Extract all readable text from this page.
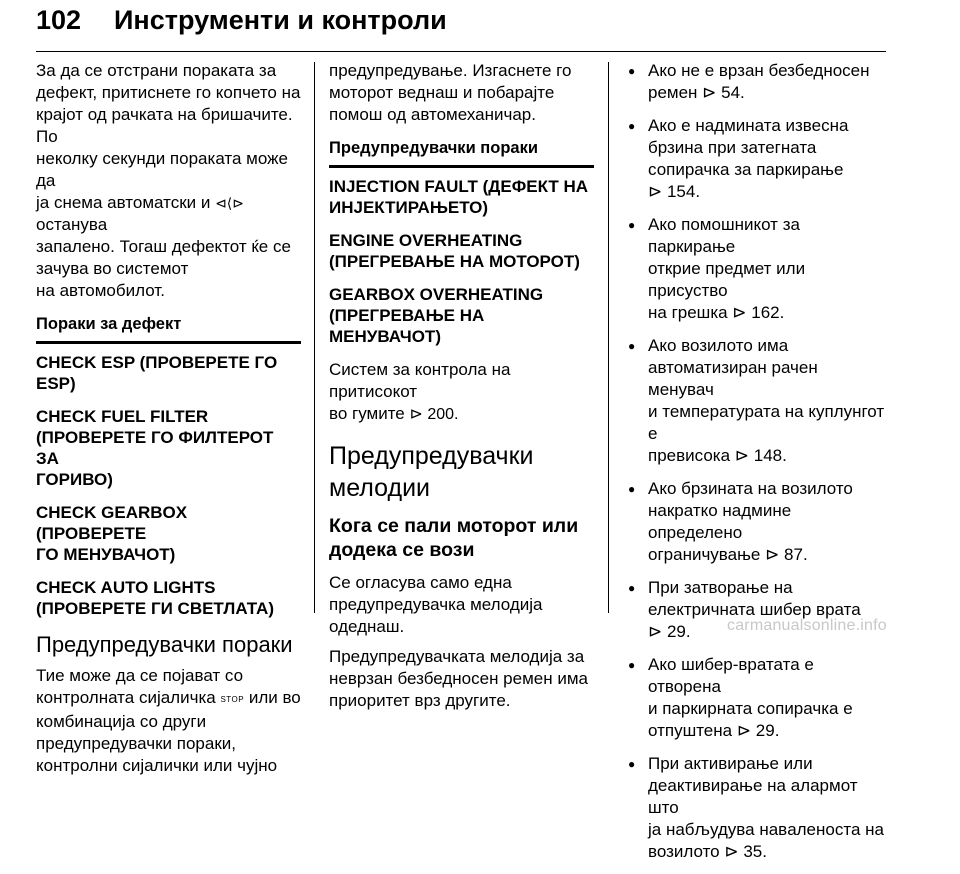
102 Инструменти и контроли

За да се отстрани пораката за
дефект, притиснете го копчето на
крајот од рачката на бришачите. По
неколку секунди пораката може да
ја снема автоматски и ⊲⟨⊳ останува
запалено. Тогаш дефектот ќе се
зачува во системот
на автомобилот.

Пораки за дефект
CHECK ESP (ПРОВЕРЕТЕ ГО
ESP)
CHECK FUEL FILTER
(ПРОВЕРЕТЕ ГО ФИЛТЕРОТ ЗА
ГОРИВО)
CHECK GEARBOX (ПРОВЕРЕТЕ
ГО МЕНУВАЧОТ)
CHECK AUTO LIGHTS
(ПРОВЕРЕТЕ ГИ СВЕТЛАТА)
Предупредувачки пораки

Тие може да се појават со
контролната сијаличка STOP или во
комбинација со други
предупредувачки пораки,
контролни сијалички или чујно

предупредување. Изгаснете го
моторот веднаш и побарајте
помош од автомеханичар.

Предупредувачки пораки
INJECTION FAULT (ДЕФЕКТ НА
ИНЈЕКТИРАЊЕТО)
ENGINE OVERHEATING
(ПРЕГРЕВАЊЕ НА МОТОРОТ)
GEARBOX OVERHEATING
(ПРЕГРЕВАЊЕ НА МЕНУВАЧОТ)

Систем за контрола на притисокот
во гумите ⊳ 200.

Предупредувачки
мелодии
Кога се пали моторот или
додека се вози

Се огласува само една
предупредувачка мелодија
одеднаш.

Предупредувачката мелодија за
неврзан безбедносен ремен има
приоритет врз другите.

● Ако не е врзан безбедносен
ремен ⊳ 54.
● Ако е надмината извесна
брзина при затегната
сопирачка за паркирање
⊳ 154.
● Ако помошникот за паркирање
открие предмет или присуство
на грешка ⊳ 162.
● Ако возилото има
автоматизиран рачен менувач
и температурата на куплунгот е
превисока ⊳ 148.
● Ако брзината на возилото
накратко надмине определено
ограничување ⊳ 87.
● При затворање на
електричната шибер врата
⊳ 29.
● Ако шибер-вратата е отворена
и паркирната сопирачка е
отпуштена ⊳ 29.
● При активирање или
деактивирање на алармот што
ја набљудува навaленоста на
возилото ⊳ 35.
carmanualsonline.info
